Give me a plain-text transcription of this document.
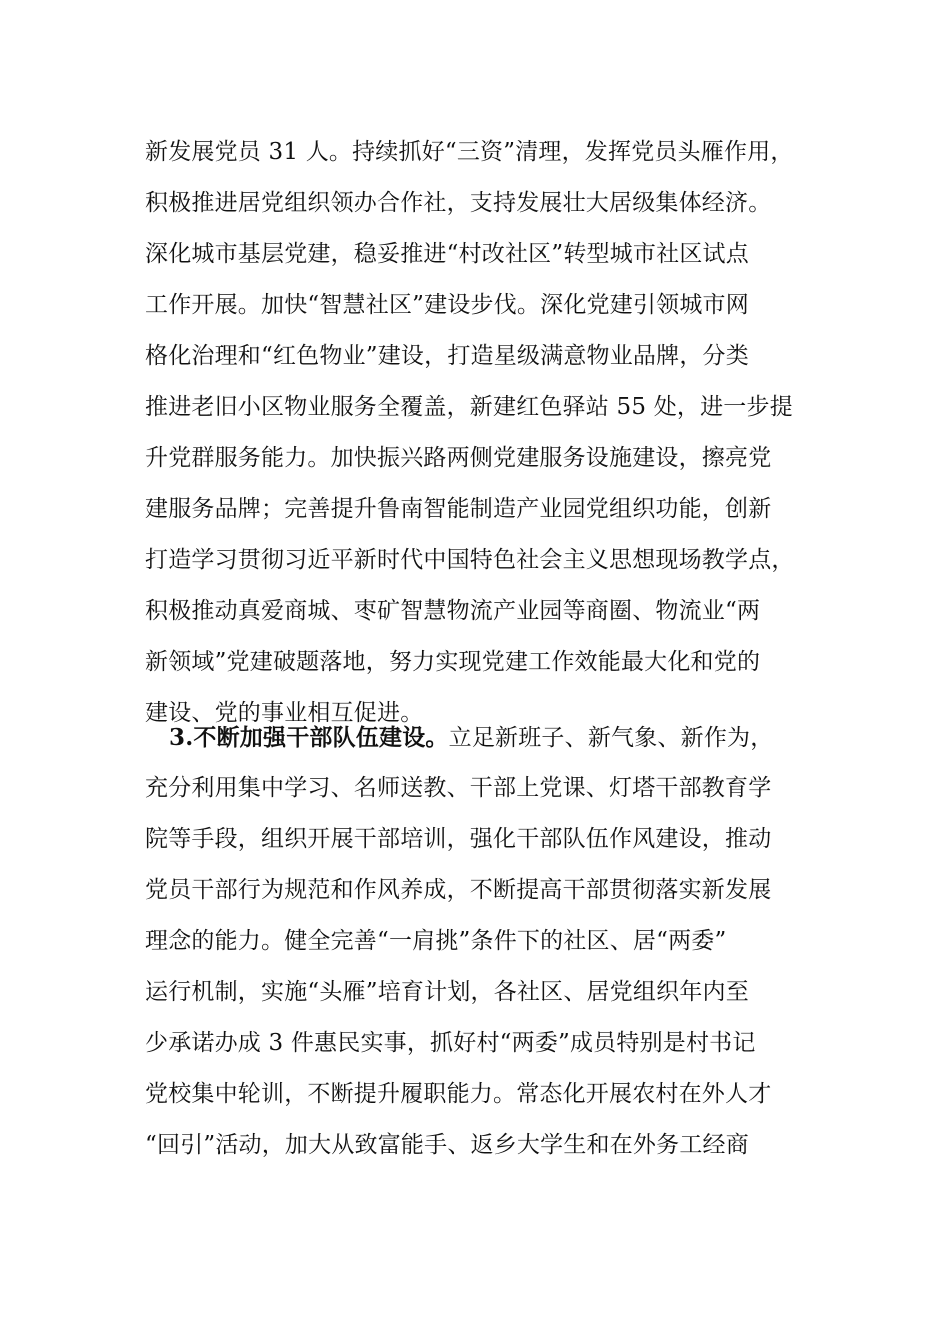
新发展党员 31 人。持续抓好“三资”清理，发挥党员头雁作用，
积极推进居党组织领办合作社，支持发展壮大居级集体经济。
深化城市基层党建，稳妥推进“村改社区”转型城市社区试点
工作开展。加快“智慧社区”建设步伐。深化党建引领城市网
格化治理和“红色物业”建设，打造星级满意物业品牌，分类
推进老旧小区物业服务全覆盖，新建红色驿站 55 处，进一步提
升党群服务能力。加快振兴路两侧党建服务设施建设，擦亮党
建服务品牌；完善提升鲁南智能制造产业园党组织功能，创新
打造学习贯彻习近平新时代中国特色社会主义思想现场教学点，
积极推动真爱商城、枣矿智慧物流产业园等商圈、物流业“两
新领域”党建破题落地，努力实现党建工作效能最大化和党的
建设、党的事业相互促进。
3.不断加强干部队伍建设。立足新班子、新气象、新作为，
充分利用集中学习、名师送教、干部上党课、灯塔干部教育学
院等手段，组织开展干部培训，强化干部队伍作风建设，推动
党员干部行为规范和作风养成，不断提高干部贯彻落实新发展
理念的能力。健全完善“一肩挑”条件下的社区、居“两委”
运行机制，实施“头雁”培育计划，各社区、居党组织年内至
少承诺办成 3 件惠民实事，抓好村“两委”成员特别是村书记
党校集中轮训，不断提升履职能力。常态化开展农村在外人才
“回引”活动，加大从致富能手、返乡大学生和在外务工经商
